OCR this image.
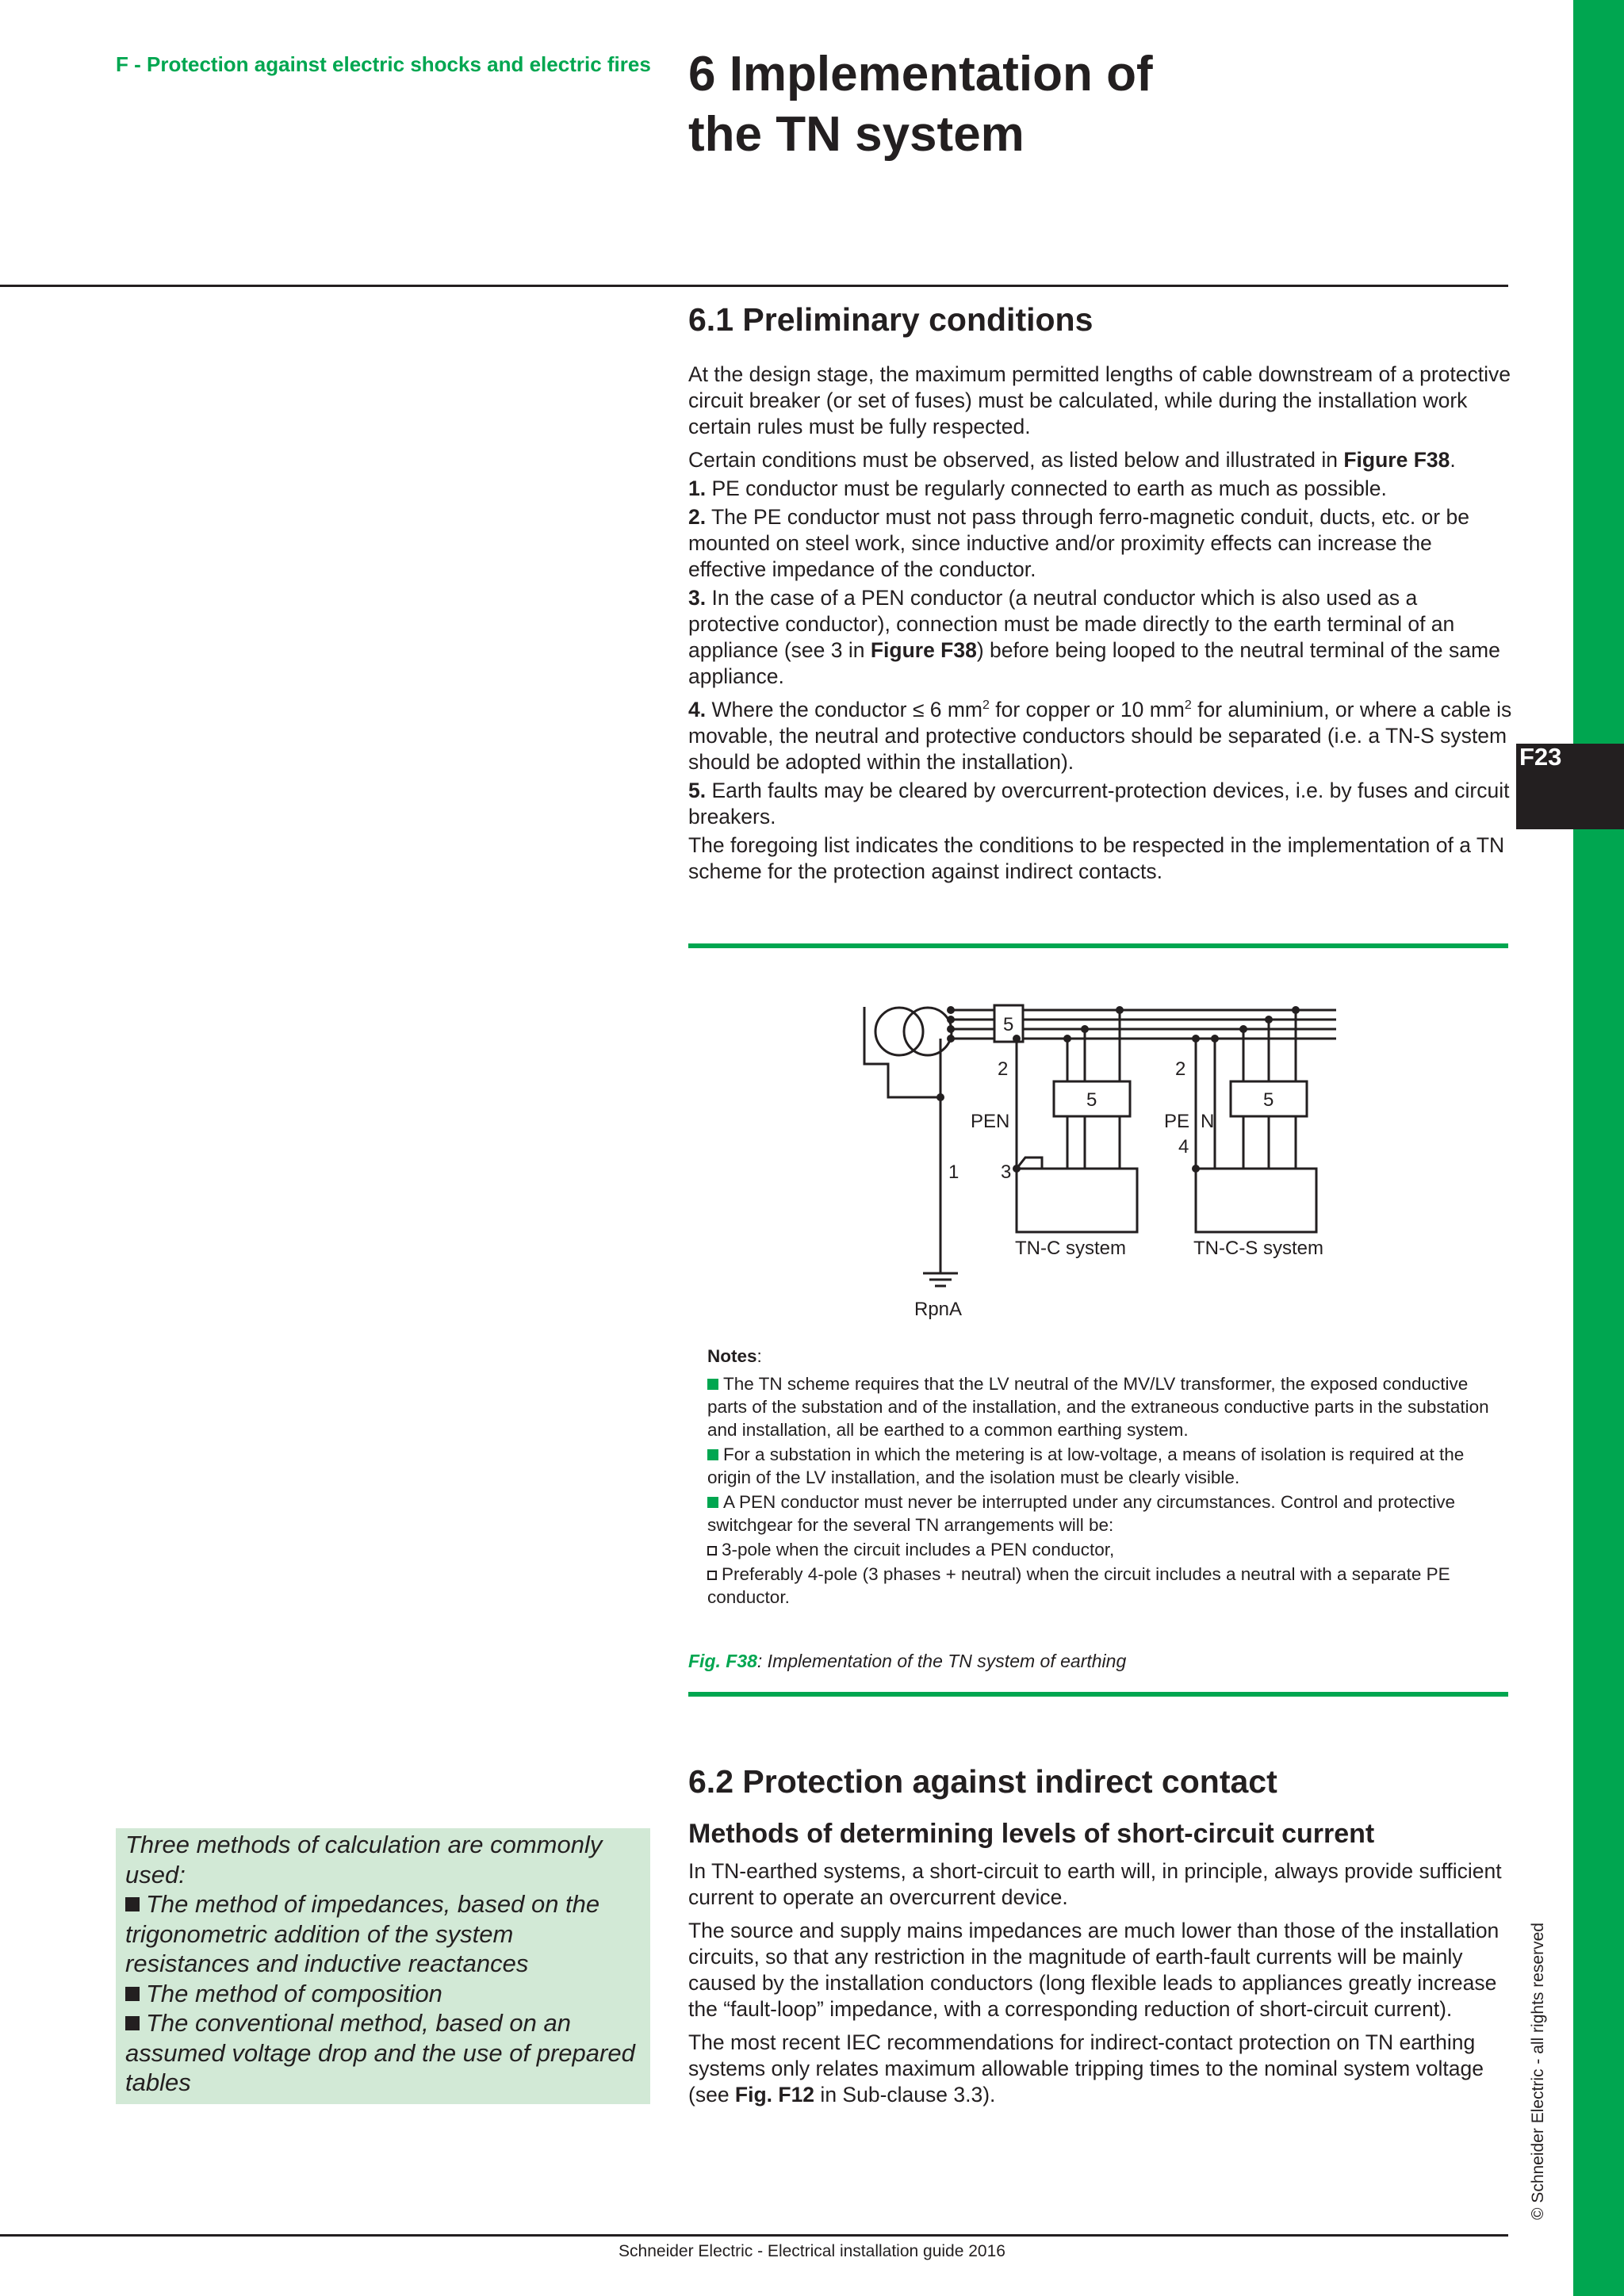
F23
© Schneider Electric - all rights reserved
F - Protection against electric shocks and electric fires 6 Implementation of
the TN system
6.1 Preliminary conditions

At the design stage, the maximum permitted lengths of cable downstream of a protective circuit breaker (or set of fuses) must be calculated, while during the installation work certain rules must be fully respected.

Certain conditions must be observed, as listed below and illustrated in Figure F38.

1. PE conductor must be regularly connected to earth as much as possible.

2. The PE conductor must not pass through ferro-magnetic conduit, ducts, etc. or be mounted on steel work, since inductive and/or proximity effects can increase the effective impedance of the conductor.

3. In the case of a PEN conductor (a neutral conductor which is also used as a protective conductor), connection must be made directly to the earth terminal of an appliance (see 3 in Figure F38) before being looped to the neutral terminal of the same appliance.

4. Where the conductor ≤ 6 $mm^2$ for copper or 10 $mm^2$ for aluminium, or where a cable is movable, the neutral and protective conductors should be separated (i.e. a TN-S system should be adopted within the installation).

5. Earth faults may be cleared by overcurrent-protection devices, i.e. by fuses and circuit breakers.

The foregoing list indicates the conditions to be respected in the implementation of a TN scheme for the protection against indirect contacts.

5
5	5
2	2
PEN	PE N
4
1 3
TN-C system	TN-C-S system
RpnA

Notes:

The TN scheme requires that the LV neutral of the MV/LV transformer, the exposed conductive parts of the substation and of the installation, and the extraneous conductive parts in the substation and installation, all be earthed to a common earthing system.

For a substation in which the metering is at low-voltage, a means of isolation is required at the origin of the LV installation, and the isolation must be clearly visible.

A PEN conductor must never be interrupted under any circumstances. Control and protective switchgear for the several TN arrangements will be:

3-pole when the circuit includes a PEN conductor,

Preferably 4-pole (3 phases + neutral) when the circuit includes a neutral with a separate PE conductor.

Fig. F38: Implementation of the TN system of earthing
6.2 Protection against indirect contact
Methods of determining levels of short-circuit current

In TN-earthed systems, a short-circuit to earth will, in principle, always provide sufficient current to operate an overcurrent device.

The source and supply mains impedances are much lower than those of the installation circuits, so that any restriction in the magnitude of earth-fault currents will be mainly caused by the installation conductors (long flexible leads to appliances greatly increase the “fault-loop” impedance, with a corresponding reduction of short-circuit current).

The most recent IEC recommendations for indirect-contact protection on TN earthing systems only relates maximum allowable tripping times to the nominal system voltage (see Fig. F12 in Sub-clause 3.3).

Three methods of calculation are commonly used:

The method of impedances, based on the trigonometric addition of the system resistances and inductive reactances

The method of composition

The conventional method, based on an assumed voltage drop and the use of prepared tables

Schneider Electric - Electrical installation guide 2016
